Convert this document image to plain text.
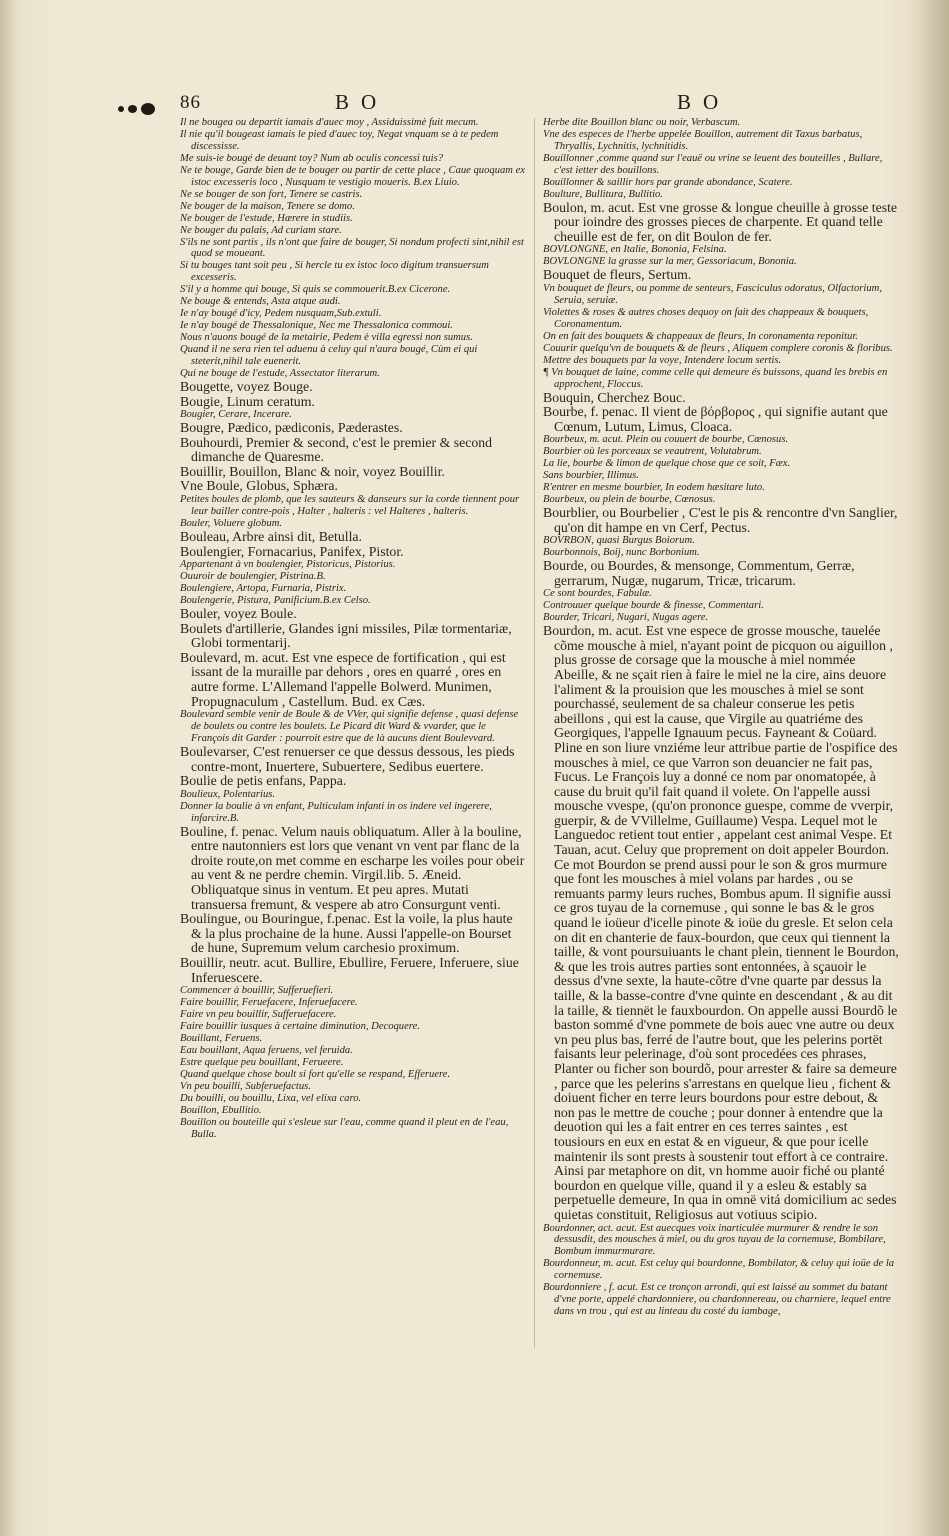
86	BO	BO

Il ne bougea ou departit iamais d'auec moy , Assiduissimè fuit mecum.

Il nie qu'il bougeast iamais le pied d'auec toy, Negat vnquam se à te pedem discessisse.

Me suis-ie bougé de deuant toy? Num ab oculis concessi tuis?

Ne te bouge, Garde bien de te bouger ou partir de cette place , Caue quoquam ex istoc excesseris loco , Nusquam te vestigio moueris. B.ex Liuio.

Ne se bouger de son fort, Tenere se castris.

Ne bouger de la maison, Tenere se domo.

Ne bouger de l'estude, Hærere in studiis.

Ne bouger du palais, Ad curiam stare.

S'ils ne sont partis , ils n'ont que faire de bouger, Si nondum profecti sint,nihil est quod se moueant.

Si tu bouges tant soit peu , Si hercle tu ex istoc loco digitum transuersum excesseris.

S'il y a homme qui bouge, Si quis se commouerit.B.ex Cicerone.

Ne bouge & entends, Asta atque audi.

Ie n'ay bougé d'icy, Pedem nusquam,Sub.extuli.

Ie n'ay bougé de Thessalonique, Nec me Thessalonica commoui.

Nous n'auons bougé de la metairie, Pedem è villa egressi non sumus.

Quand il ne sera rien tel aduenu à celuy qui n'aura bougé, Cùm ei qui steterit,nihil tale euenerit.

Qui ne bouge de l'estude, Assectator literarum.

Bougette, voyez Bouge.

Bougie, Linum ceratum.

Bougier, Cerare, Incerare.

Bougre, Pædico, pædiconis, Pæderastes.

Bouhourdi, Premier & second, c'est le premier & second dimanche de Quaresme.

Bouillir, Bouillon, Blanc & noir, voyez Bouillir.

Vne Boule, Globus, Sphæra.

Petites boules de plomb, que les sauteurs & danseurs sur la corde tiennent pour leur bailler contre-pois , Halter , halteris : vel Halteres , halteris.

Bouler, Voluere globum.

Bouleau, Arbre ainsi dit, Betulla.

Boulengier, Fornacarius, Panifex, Pistor.

Appartenant à vn boulengier, Pistoricus, Pistorius.

Ouuroir de boulengier, Pistrina.B.

Boulengiere, Artopa, Furnaria, Pistrix.

Boulengerie, Pistura, Panificium.B.ex Celso.

Bouler, voyez Boule.

Boulets d'artillerie, Glandes igni missiles, Pilæ tormentariæ, Globi tormentarij.

Boulevard, m. acut. Est vne espece de fortification , qui est issant de la muraille par dehors , ores en quarré , ores en autre forme. L'Allemand l'appelle Bolwerd. Munimen, Propugnaculum , Castellum. Bud. ex Cæs.

Boulevard semble venir de Boule & de VVer, qui signifie defense , quasi defense de boulets ou contre les boulets. Le Picard dit Ward & vvarder, que le François dit Garder : pourroit estre que de là aucuns dient Boulevvard.

Boulevarser, C'est renuerser ce que dessus dessous, les pieds contre-mont, Inuertere, Subuertere, Sedibus euertere.

Boulie de petis enfans, Pappa.

Boulieux, Polentarius.

Donner la boulie à vn enfant, Pulticulam infanti in os indere vel ingerere, infarcire.B.

Bouline, f. penac. Velum nauis obliquatum. Aller à la bouline, entre nautonniers est lors que venant vn vent par flanc de la droite route,on met comme en escharpe les voiles pour obeir au vent & ne perdre chemin. Virgil.lib. 5. Æneid. Obliquatque sinus in ventum. Et peu apres. Mutati transuersa fremunt, & vespere ab atro Consurgunt venti.

Boulingue, ou Bouringue, f.penac. Est la voile, la plus haute & la plus prochaine de la hune. Aussi l'appelle-on Bourset de hune, Supremum velum carchesio proximum.

Bouillir, neutr. acut. Bullire, Ebullire, Feruere, Inferuere, siue Inferuescere.

Commencer à bouillir, Sufferuefieri.

Faire bouillir, Feruefacere, Inferuefacere.

Faire vn peu bouillir, Sufferuefacere.

Faire bouillir iusques à certaine diminution, Decoquere.

Bouillant, Feruens.

Eau bouillant, Aqua feruens, vel feruida.

Estre quelque peu bouillant, Ferueere.

Quand quelque chose boult si fort qu'elle se respand, Efferuere.

Vn peu bouilli, Subferuefactus.

Du bouilli, ou bouillu, Lixa, vel elixa caro.

Bouillon, Ebullitio.

Bouillon ou bouteille qui s'esleue sur l'eau, comme quand il pleut en de l'eau, Bulla.

Herbe dite Bouillon blanc ou noir, Verbascum.

Vne des especes de l'herbe appelée Bouillon, autrement dit Taxus barbatus, Thryallis, Lychnitis, lychnitidis.

Bouillonner ,comme quand sur l'eauë ou vrine se leuent des bouteilles , Bullare, c'est ietter des bouillons.

Bouillonner & saillir hors par grande abondance, Scatere.

Boulture, Bullitura, Bullitio.

Boulon, m. acut. Est vne grosse & longue cheuille à grosse teste pour ioindre des grosses pieces de charpente. Et quand telle cheuille est de fer, on dit Boulon de fer.

BOVLONGNE, en Italie, Bononia, Felsina.

BOVLONGNE la grasse sur la mer, Gessoriacum, Bononia.

Bouquet de fleurs, Sertum.

Vn bouquet de fleurs, ou pomme de senteurs, Fasciculus odoratus, Olfactorium, Seruia, seruiæ.

Violettes & roses & autres choses dequoy on fait des chappeaux & bouquets, Coronamentum.

On en fait des bouquets & chappeaux de fleurs, In coronamenta reponitur.

Couurir quelqu'vn de bouquets & de fleurs , Aliquem complere coronis & floribus.

Mettre des bouquets par la voye, Intendere locum sertis.

¶ Vn bouquet de laine, comme celle qui demeure és buissons, quand les brebis en approchent, Floccus.

Bouquin, Cherchez Bouc.

Bourbe, f. penac. Il vient de βόρβορος , qui signifie autant que Cœnum, Lutum, Limus, Cloaca.

Bourbeux, m. acut. Plein ou couuert de bourbe, Cœnosus.

Bourbier où les porceaux se veautrent, Volutabrum.

La lie, bourbe & limon de quelque chose que ce soit, Fæx.

Sans bourbier, Illimus.

R'entrer en mesme bourbier, In eodem hæsitare luto.

Bourbeux, ou plein de bourbe, Cœnosus.

Bourblier, ou Bourbelier , C'est le pis & rencontre d'vn Sanglier, qu'on dit hampe en vn Cerf, Pectus.

BOVRBON, quasi Burgus Boiorum.

Bourbonnois, Boij, nunc Borbonium.

Bourde, ou Bourdes, & mensonge, Commentum, Gerræ, gerrarum, Nugæ, nugarum, Tricæ, tricarum.

Ce sont bourdes, Fabulæ.

Controuuer quelque bourde & finesse, Commentari.

Bourder, Tricari, Nugari, Nugas agere.

Bourdon, m. acut. Est vne espece de grosse mousche, tauelée cõme mousche à miel, n'ayant point de picquon ou aiguillon , plus grosse de corsage que la mousche à miel nommée Abeille, & ne sçait rien à faire le miel ne la cire, ains deuore l'aliment & la prouision que les mousches à miel se sont pourchassé, seulement de sa chaleur conserue les petis abeillons , qui est la cause, que Virgile au quatriéme des Georgiques, l'appelle Ignauum pecus. Fayneant & Coüard. Pline en son liure vnziéme leur attribue partie de l'ospifice des mousches à miel, ce que Varron son deuancier ne fait pas, Fucus. Le François luy a donné ce nom par onomatopée, à cause du bruit qu'il fait quand il volete. On l'appelle aussi mousche vvespe, (qu'on prononce guespe, comme de vverpir, guerpir, & de VVillelme, Guillaume) Vespa. Lequel mot le Languedoc retient tout entier , appelant cest animal Vespe. Et Tauan, acut. Celuy que proprement on doit appeler Bourdon. Ce mot Bourdon se prend aussi pour le son & gros murmure que font les mousches à miel volans par hardes , ou se remuants parmy leurs ruches, Bombus apum. Il signifie aussi ce gros tuyau de la cornemuse , qui sonne le bas & le gros quand le ioüeur d'icelle pinote & ioüe du gresle. Et selon cela on dit en chanterie de faux-bourdon, que ceux qui tiennent la taille, & vont poursuiuants le chant plein, tiennent le Bourdon, & que les trois autres parties sont entonnées, à sçauoir le dessus d'vne sexte, la haute-cõtre d'vne quarte par dessus la taille, & la basse-contre d'vne quinte en descendant , & au dit la taille, & tiennët le fauxbourdon. On appelle aussi Bourdõ le baston sommé d'vne pommete de bois auec vne autre ou deux vn peu plus bas, ferré de l'autre bout, que les pelerins portët faisants leur pelerinage, d'où sont procedées ces phrases, Planter ou ficher son bourdõ, pour arrester & faire sa demeure , parce que les pelerins s'arrestans en quelque lieu , fichent & doiuent ficher en terre leurs bourdons pour estre debout, & non pas le mettre de couche ; pour donner à entendre que la deuotion qui les a fait entrer en ces terres saintes , est tousiours en eux en estat & en vigueur, & que pour icelle maintenir ils sont prests à soustenir tout effort à ce contraire. Ainsi par metaphore on dit, vn homme auoir fiché ou planté bourdon en quelque ville, quand il y a esleu & estably sa perpetuelle demeure, In qua in omnë vitá domicilium ac sedes quietas constituit, Religiosus aut votiuus scipio.

Bourdonner, act. acut. Est auecques voix inarticulée murmurer & rendre le son dessusdit, des mousches à miel, ou du gros tuyau de la cornemuse, Bombilare, Bombum immurmurare.

Bourdonneur, m. acut. Est celuy qui bourdonne, Bombilator, & celuy qui ioüe de la cornemuse.

Bourdonniere , f. acut. Est ce tronçon arrondi, qui est laissé au sommet du batant d'vne porte, appelé chardonniere, ou chardonnereau, ou charniere, lequel entre dans vn trou , qui est au linteau du costé du iambage,
